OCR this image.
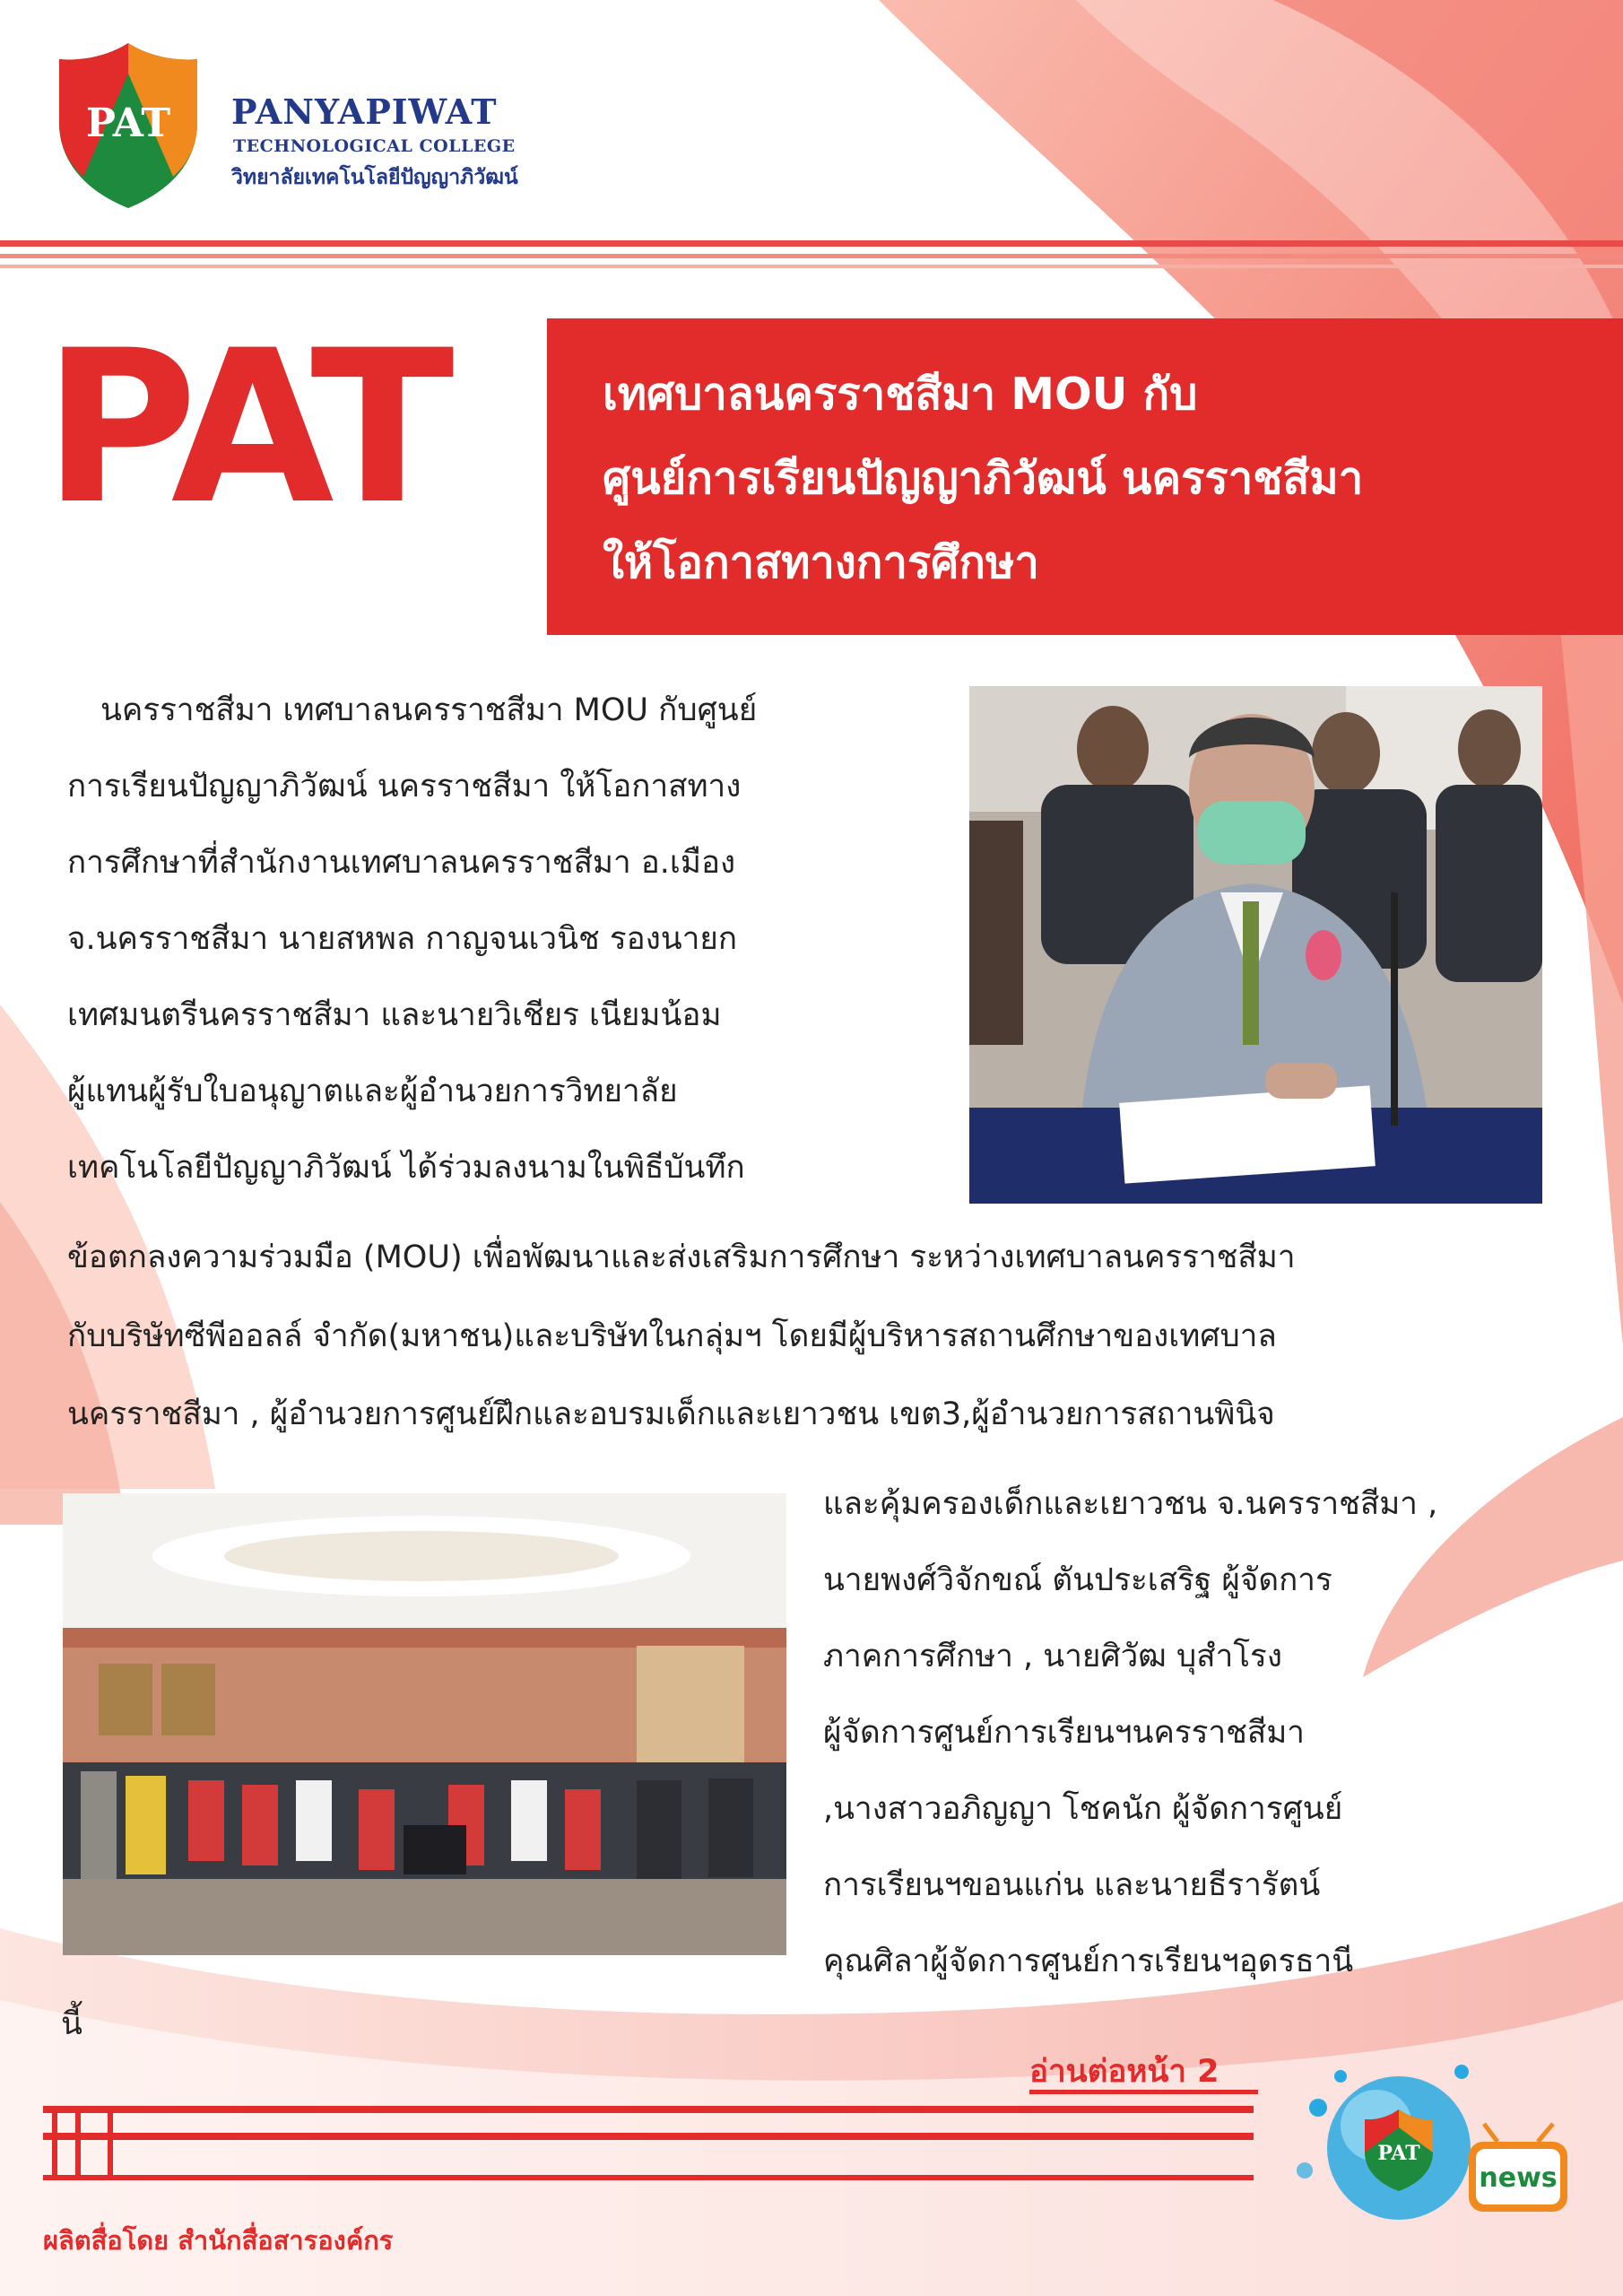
PAT PANYAPIWAT
TECHNOLOGICAL COLLEGE
วิทยาลัยเทคโนโลยีปัญญาภิวัฒน์
PAT	เทศบาลนครราชสีมา MOU กับ
ศูนย์การเรียนปัญญาภิวัฒน์ นครราชสีมา
ให้โอกาสทางการศึกษา
นครราชสีมา เทศบาลนครราชสีมา MOU กับศูนย์
การเรียนปัญญาภิวัฒน์ นครราชสีมา ให้โอกาสทาง
การศึกษาที่สำนักงานเทศบาลนครราชสีมา อ.เมือง
จ.นครราชสีมา นายสหพล กาญจนเวนิช รองนายก
เทศมนตรีนครราชสีมา และนายวิเชียร เนียมน้อม
ผู้แทนผู้รับใบอนุญาตและผู้อำนวยการวิทยาลัย
เทคโนโลยีปัญญาภิวัฒน์ ได้ร่วมลงนามในพิธีบันทึก
ข้อตกลงความร่วมมือ (MOU) เพื่อพัฒนาและส่งเสริมการศึกษา ระหว่างเทศบาลนครราชสีมา
กับบริษัทซีพีออลล์ จำกัด(มหาชน)และบริษัทในกลุ่มฯ โดยมีผู้บริหารสถานศึกษาของเทศบาล
นครราชสีมา , ผู้อำนวยการศูนย์ฝึกและอบรมเด็กและเยาวชน เขต3,ผู้อำนวยการสถานพินิจ
และคุ้มครองเด็กและเยาวชน จ.นครราชสีมา ,
นายพงศ์วิจักขณ์ ตันประเสริฐ ผู้จัดการ
ภาคการศึกษา , นายศิวัฒ บุสำโรง
ผู้จัดการศูนย์การเรียนฯนครราชสีมา
,นางสาวอภิญญา โชคนัก ผู้จัดการศูนย์
การเรียนฯขอนแก่น และนายธีรารัตน์
คุณศิลาผู้จัดการศูนย์การเรียนฯอุดรธานี
นี้
อ่านต่อหน้า 2
ผลิตสื่อโดย สำนักสื่อสารองค์กร
PAT
news
